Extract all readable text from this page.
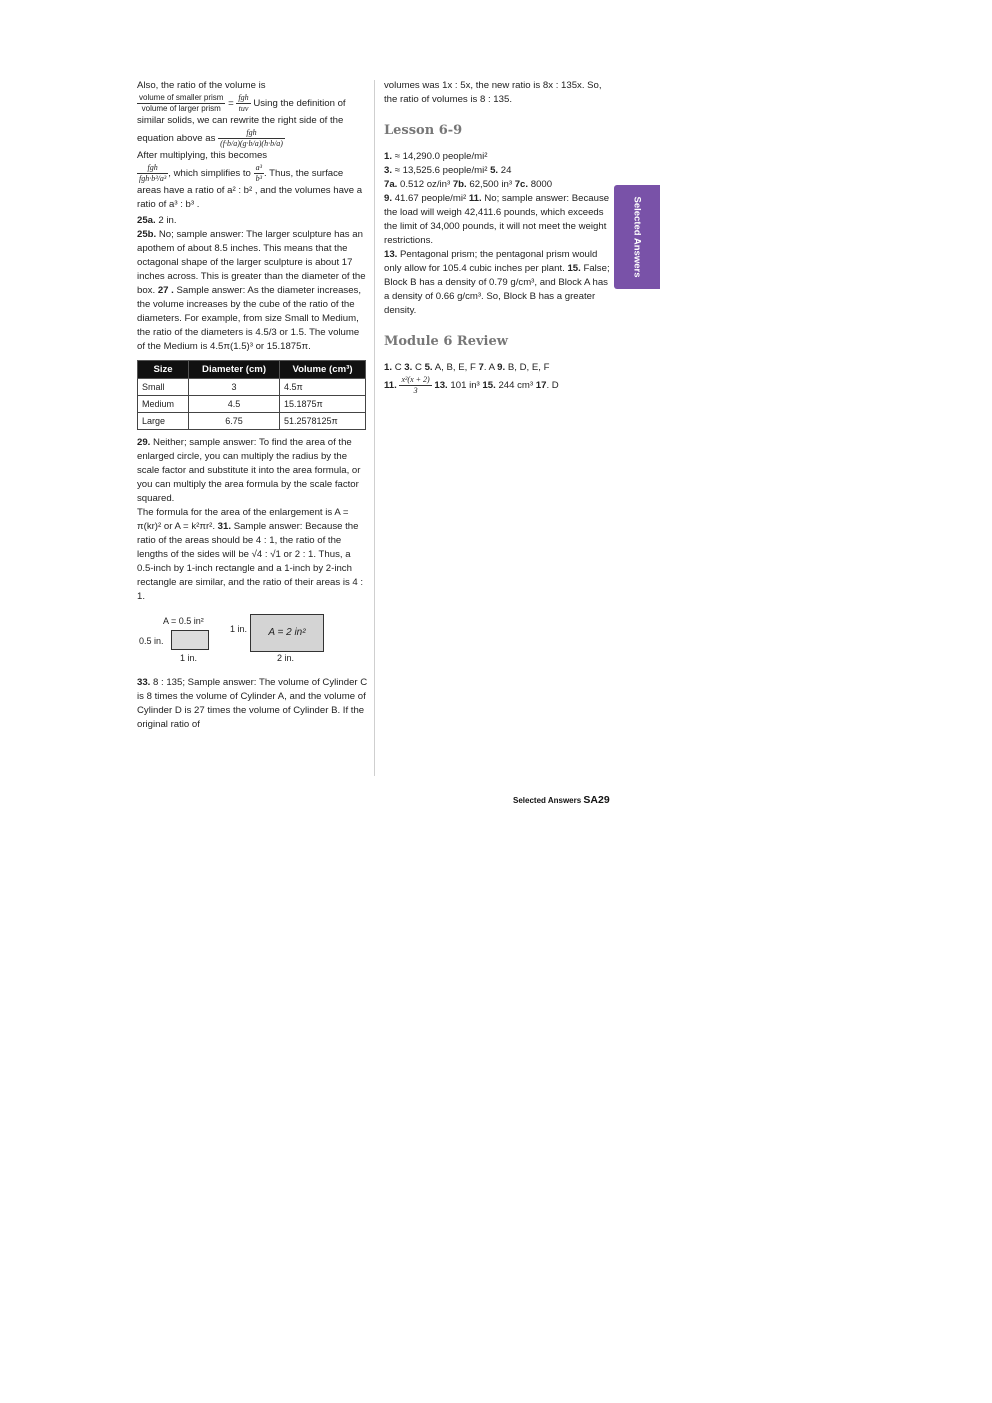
Also, the ratio of the volume is

$\frac{\text{volume of smaller prism}}{\text{volume of larger prism}} = \frac{\text{fgh}}{\text{tuv}}$ Using the definition of similar solids, we can rewrite the right side of the equation above as $\frac{\text{fgh}}{(f\cdot b/a)(g\cdot b/a)(h\cdot b/a)}$

After multiplying, this becomes

$\frac{\text{fgh}}{\text{fgh·b³/a³}}$ , which simplifies to $\frac{\text{a³}}{\text{b³}}$ . Thus, the surface areas have a ratio of a² : b² , and the volumes have a ratio of a³ : b³ .

25a. 2 in.

25b. No; sample answer: The larger sculpture has an apothem of about 8.5 inches. This means that the octagonal shape of the larger sculpture is about 17 inches across. This is greater than the diameter of the box. 27 . Sample answer: As the diameter increases, the volume increases by the cube of the ratio of the diameters. For example, from size Small to Medium, the ratio of the diameters is 4.5/3 or 1.5. The volume of the Medium is 4.5π(1.5)³ or 15.1875π.

Size	Diameter (cm)	Volume (cm³)
Small	3	4.5π
Medium	4.5	15.1875π
Large	6.75	51.2578125π

29. Neither; sample answer: To find the area of the enlarged circle, you can multiply the radius by the scale factor and substitute it into the area formula, or you can multiply the area formula by the scale factor squared.

The formula for the area of the enlargement is A = π(kr)² or A = k²πr². 31. Sample answer: Because the ratio of the areas should be 4 : 1, the ratio of the lengths of the sides will be √4 : √1 or 2 : 1. Thus, a 0.5-inch by 1-inch rectangle and a 1-inch by 2-inch rectangle are similar, and the ratio of their areas is 4 : 1.

A = 0.5 in²
0.5 in.
1 in.
1 in. A = 2 in²
2 in.

33. 8 : 135; Sample answer: The volume of Cylinder C is 8 times the volume of Cylinder A, and the volume of Cylinder D is 27 times the volume of Cylinder B. If the original ratio of

volumes was 1x : 5x, the new ratio is 8x : 135x. So, the ratio of volumes is 8 : 135.

Lesson 6-9

1. ≈ 14,290.0 people/mi²
3. ≈ 13,525.6 people/mi² 5. 24
7a. 0.512 oz/in³ 7b. 62,500 in³ 7c. 8000
9. 41.67 people/mi² 11. No; sample answer: Because the load will weigh 42,411.6 pounds, which exceeds the limit of 34,000 pounds, it will not meet the weight restrictions.
13. Pentagonal prism; the pentagonal prism would only allow for 105.4 cubic inches per plant. 15. False; Block B has a density of 0.79 g/cm³, and Block A has a density of 0.66 g/cm³. So, Block B has a greater density.

Module 6 Review

1. C 3. C 5. A, B, E, F 7. A 9. B, D, E, F
11. $\frac{\text{x²(x + 2)}}{3} 13$. 101 in³ 15. 244 cm³ 17. D

Selected Answers
Selected Answers SA29
